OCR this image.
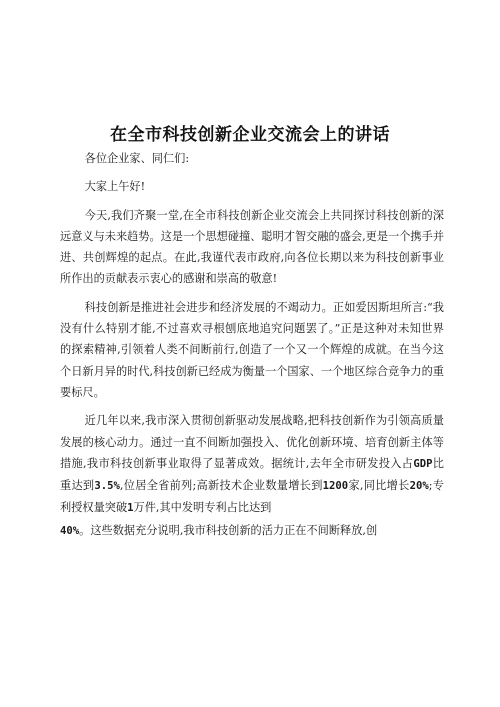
在全市科技创新企业交流会上的讲话

各位企业家、同仁们:

大家上午好!

今天,我们齐聚一堂,在全市科技创新企业交流会上共同探讨科技创新的深远意义与未来趋势。这是一个思想碰撞、聪明才智交融的盛会,更是一个携手并进、共创辉煌的起点。在此,我谨代表市政府,向各位长期以来为科技创新事业所作出的贡献表示衷心的感谢和崇高的敬意!

科技创新是推进社会进步和经济发展的不竭动力。正如爱因斯坦所言:“我没有什么特别才能,不过喜欢寻根刨底地追究问题罢了。”正是这种对未知世界的探索精神,引领着人类不间断前行,创造了一个又一个辉煌的成就。在当今这个日新月异的时代,科技创新已经成为衡量一个国家、一个地区综合竞争力的重要标尺。

近几年以来,我市深入贯彻创新驱动发展战略,把科技创新作为引领高质量发展的核心动力。通过一直不间断加强投入、优化创新环境、培育创新主体等措施,我市科技创新事业取得了显著成效。据统计,去年全市研发投入占GDP比重达到3.5%,位居全省前列;高新技术企业数量增长到1200家,同比增长20%;专利授权量突破1万件,其中发明专利占比达到
40%。这些数据充分说明,我市科技创新的活力正在不间断释放,创
